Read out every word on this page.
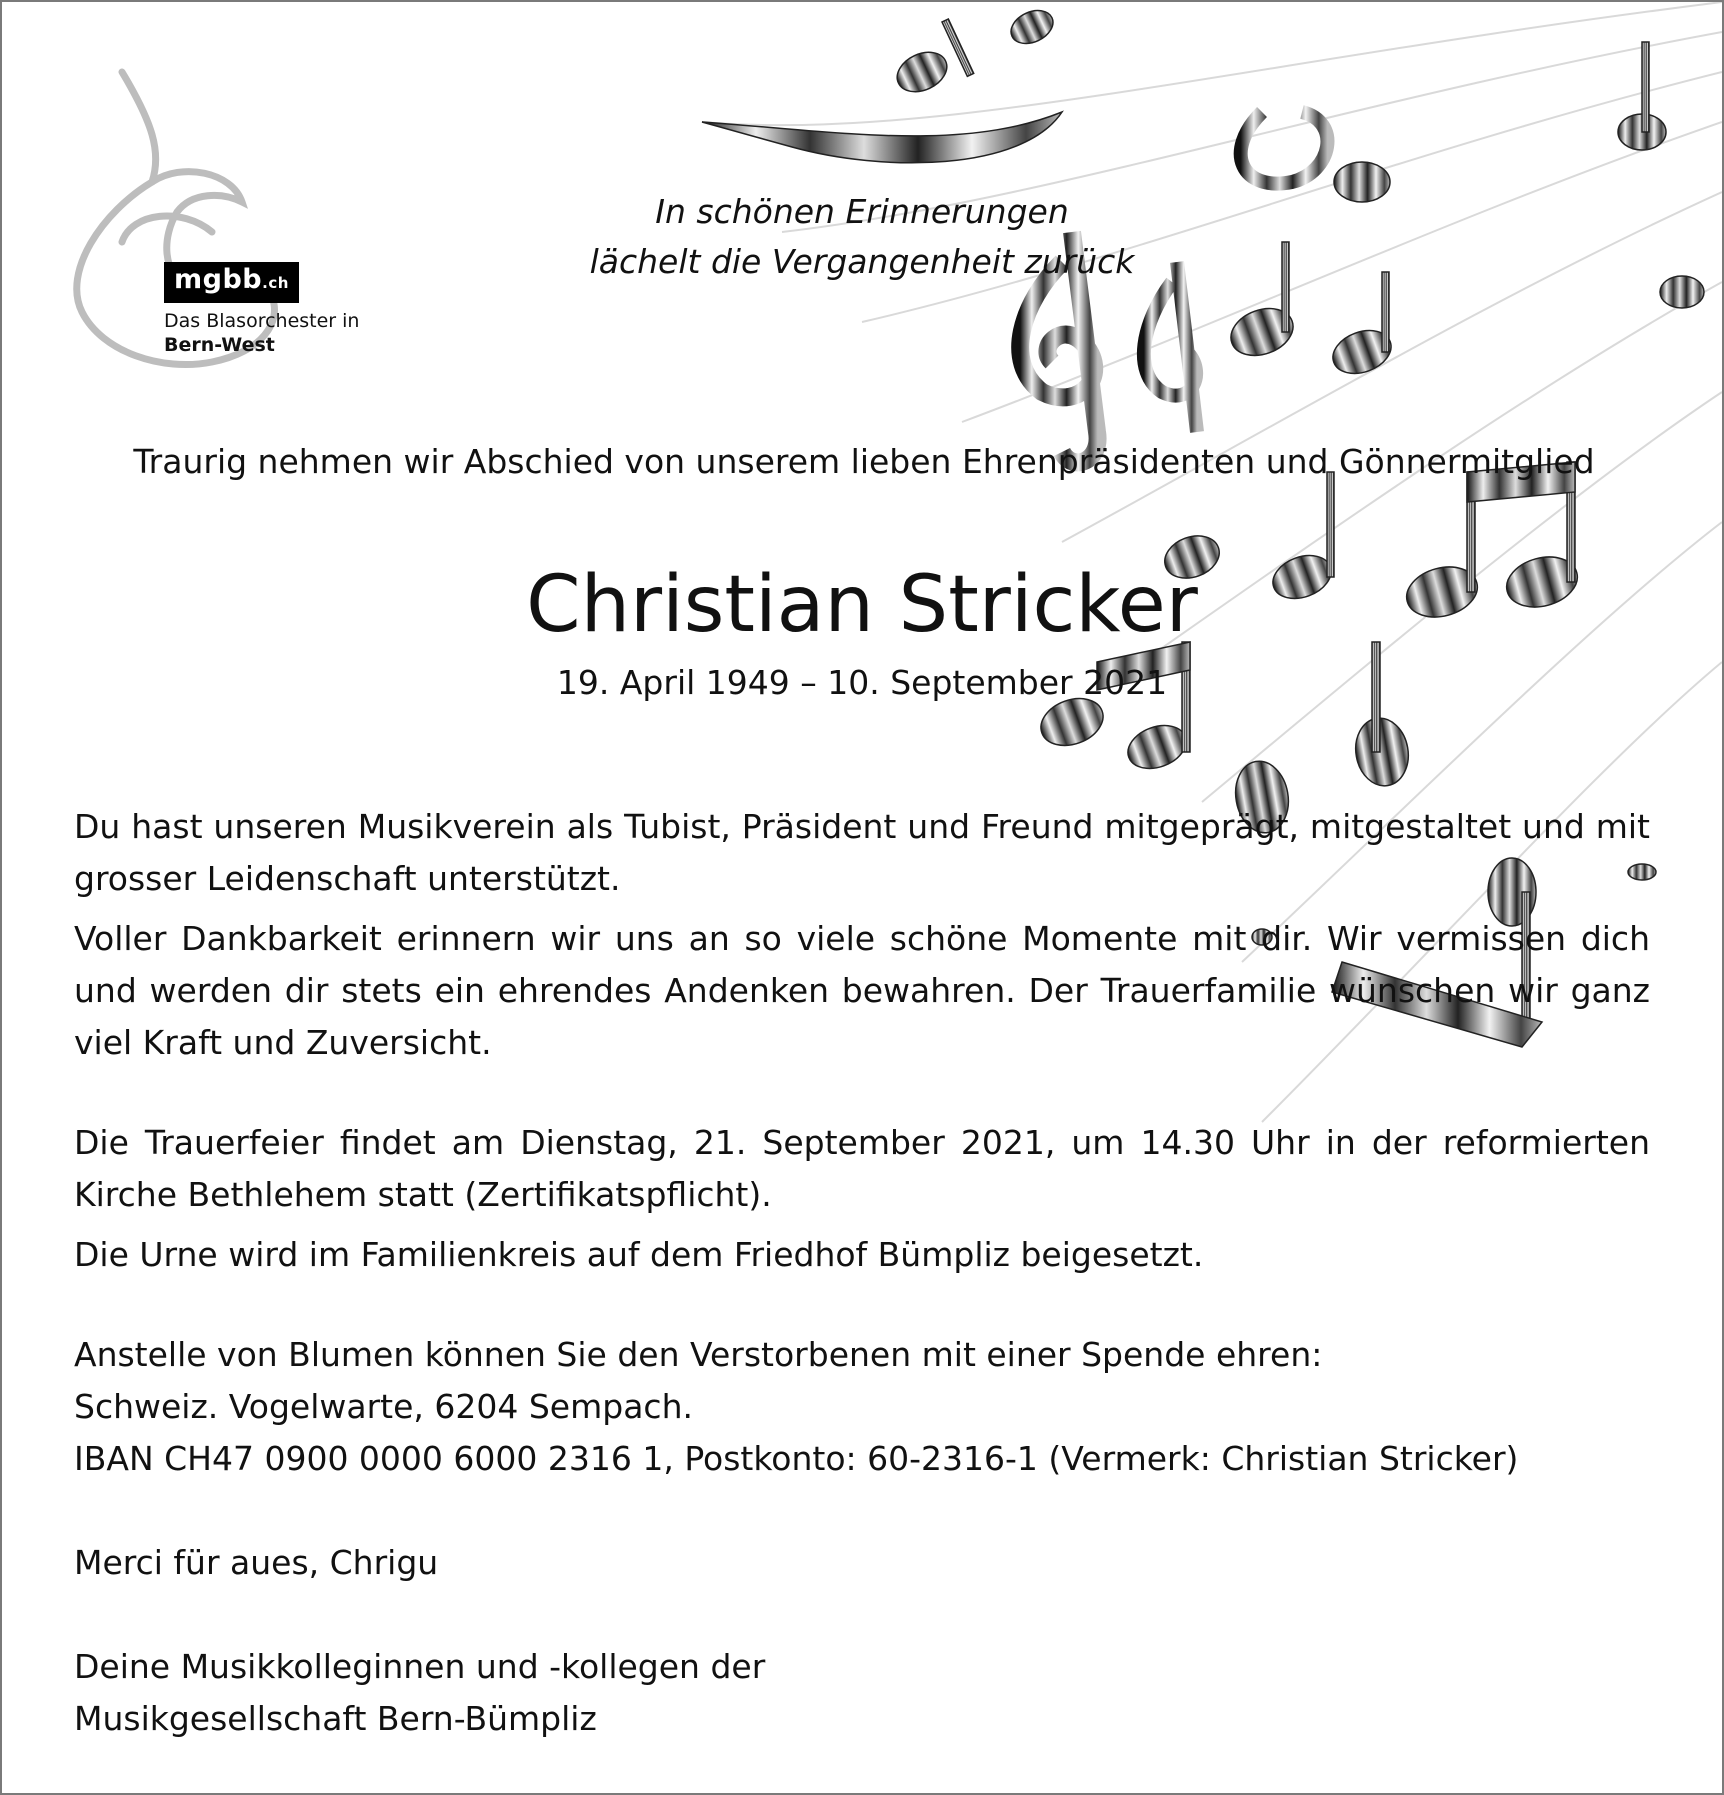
mgbb.ch
Das Blasorchester in
Bern-West
In schönen Erinnerungen
lächelt die Vergangenheit zurück
Traurig nehmen wir Abschied von unserem lieben Ehrenpräsidenten und Gönnermitglied
Christian Stricker
19. April 1949 – 10. September 2021

Du hast unseren Musikverein als Tubist, Präsident und Freund mitgeprägt, mitgestaltet und mit grosser Leidenschaft unterstützt.

Voller Dankbarkeit erinnern wir uns an so viele schöne Momente mit dir. Wir vermissen dich und werden dir stets ein ehrendes Andenken bewahren. Der Trauerfamilie wünschen wir ganz viel Kraft und Zuversicht.

Die Trauerfeier findet am Dienstag, 21. September 2021, um 14.30 Uhr in der reformierten Kirche Bethlehem statt (Zertifikatspflicht).

Die Urne wird im Familienkreis auf dem Friedhof Bümpliz beigesetzt.

Anstelle von Blumen können Sie den Verstorbenen mit einer Spende ehren:
Schweiz. Vogelwarte, 6204 Sempach.
IBAN CH47 0900 0000 6000 2316 1, Postkonto: 60-2316-1 (Vermerk: Christian Stricker)
Merci für aues, Chrigu
Deine Musikkolleginnen und -kollegen der
Musikgesellschaft Bern-Bümpliz
